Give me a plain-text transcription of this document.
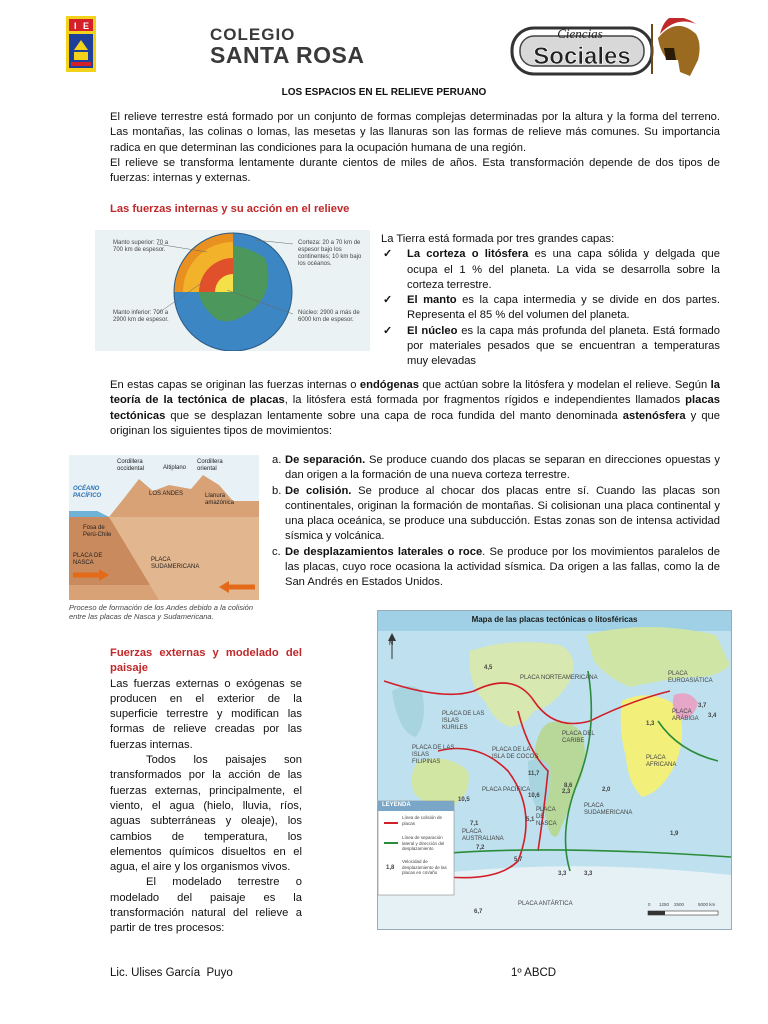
I E	COLEGIO
SANTA ROSA
Ciencias
Sociales
LOS ESPACIOS EN EL RELIEVE PERUANO

El relieve terrestre está formado por un conjunto de formas complejas determinadas por la altura y la forma del terreno. Las montañas, las colinas o lomas, las mesetas y las llanuras son las formas de relieve más comunes. Su importancia radica en que determinan las condiciones para la ocupación humana de una región.

El relieve se transforma lentamente durante cientos de miles de años. Esta transformación depende de dos tipos de fuerzas: internas y externas.

Las fuerzas internas y su acción en el relieve
Manto superior: 70 a 700 km de espesor.
Manto inferior: 700 a 2900 km de espesor.
Corteza: 20 a 70 km de espesor bajo los continentes; 10 km bajo los océanos.
Núcleo: 2900 a más de 6000 km de espesor.

La Tierra está formada por tres grandes capas:

✓ La corteza o litósfera es una capa sólida y delgada que ocupa el 1 % del planeta. La vida se desarrolla sobre la corteza terrestre.
✓ El manto es la capa intermedia y se divide en dos partes. Representa el 85 % del volumen del planeta.
✓ El núcleo es la capa más profunda del planeta. Está formado por materiales pesados que se encuentran a temperaturas muy elevadas
En estas capas se originan las fuerzas internas o endógenas que actúan sobre la litósfera y modelan el relieve. Según la teoría de la tectónica de placas, la litósfera está formada por fragmentos rígidos e independientes llamados placas tectónicas que se desplazan lentamente sobre una capa de roca fundida del manto denominada astenósfera y que originan los siguientes tipos de movimientos:
Cordillera occidental	Altiplano
Cordillera oriental
OCÉANO PACÍFICO	LOS ANDES	Llanura amazónica
Fosa de Perú-Chile
PLACA DE NASCA	PLACA SUDAMERICANA
Proceso de formación de los Andes debido a la colisión entre las placas de Nasca y Sudamericana.
a. De separación. Se produce cuando dos placas se separan en direcciones opuestas y dan origen a la formación de una nueva corteza terrestre.
b. De colisión. Se produce al chocar dos placas entre sí. Cuando las placas son continentales, originan la formación de montañas. Si colisionan una placa continental y una placa oceánica, se produce una subducción. Estas zonas son de intensa actividad sísmica y volcánica.
c. De desplazamientos laterales o roce. Se produce por los movimientos paralelos de las placas, cuyo roce ocasiona la actividad sísmica. Da origen a las fallas, como la de San Andrés en Estados Unidos.

Fuerzas externas y modelado del paisaje

Las fuerzas externas o exógenas se producen en el exterior de la superficie terrestre y modifican las formas de relieve creadas por las fuerzas internas.

Todos los paisajes son transformados por la acción de las fuerzas externas, principalmente, el viento, el agua (hielo, lluvia, ríos, aguas subterráneas y oleaje), los cambios de temperatura, los elementos químicos disueltos en el agua, el aire y los organismos vivos.

El modelado terrestre o modelado del paisaje es la transformación natural del relieve a partir de tres procesos:

Mapa de las placas tectónicas o litosféricas
N
PLACA NORTEAMERICANA
PLACA EUROASIÁTICA
PLACA DE LAS ISLAS KURILES
PLACA DEL CARIBE
PLACA DE LAS ISLAS FILIPINAS
PLACA DE LA ISLA DE COCOS
PLACA ARÁBIGA
PLACA AFRICANA
PLACA PACÍFICA
PLACA DE NASCA
PLACA SUDAMERICANA
PLACA AUSTRALIANA
PLACA ANTÁRTICA
4,5
3,7
3,4
10,5
2,3
7,1
11,7
8,6
10,6
5,1
2,0
1,3
3,3	3,3
6,7
7,2
5,7
1,9
LEYENDA
Línea de colisión de placas
Línea de separación lateral y dirección del desplazamiento
1,8
Velocidad de desplazamiento de las placas en cm/año
0 1250 2500	5000 km
Lic. Ulises García  Puyo	1º ABCD
